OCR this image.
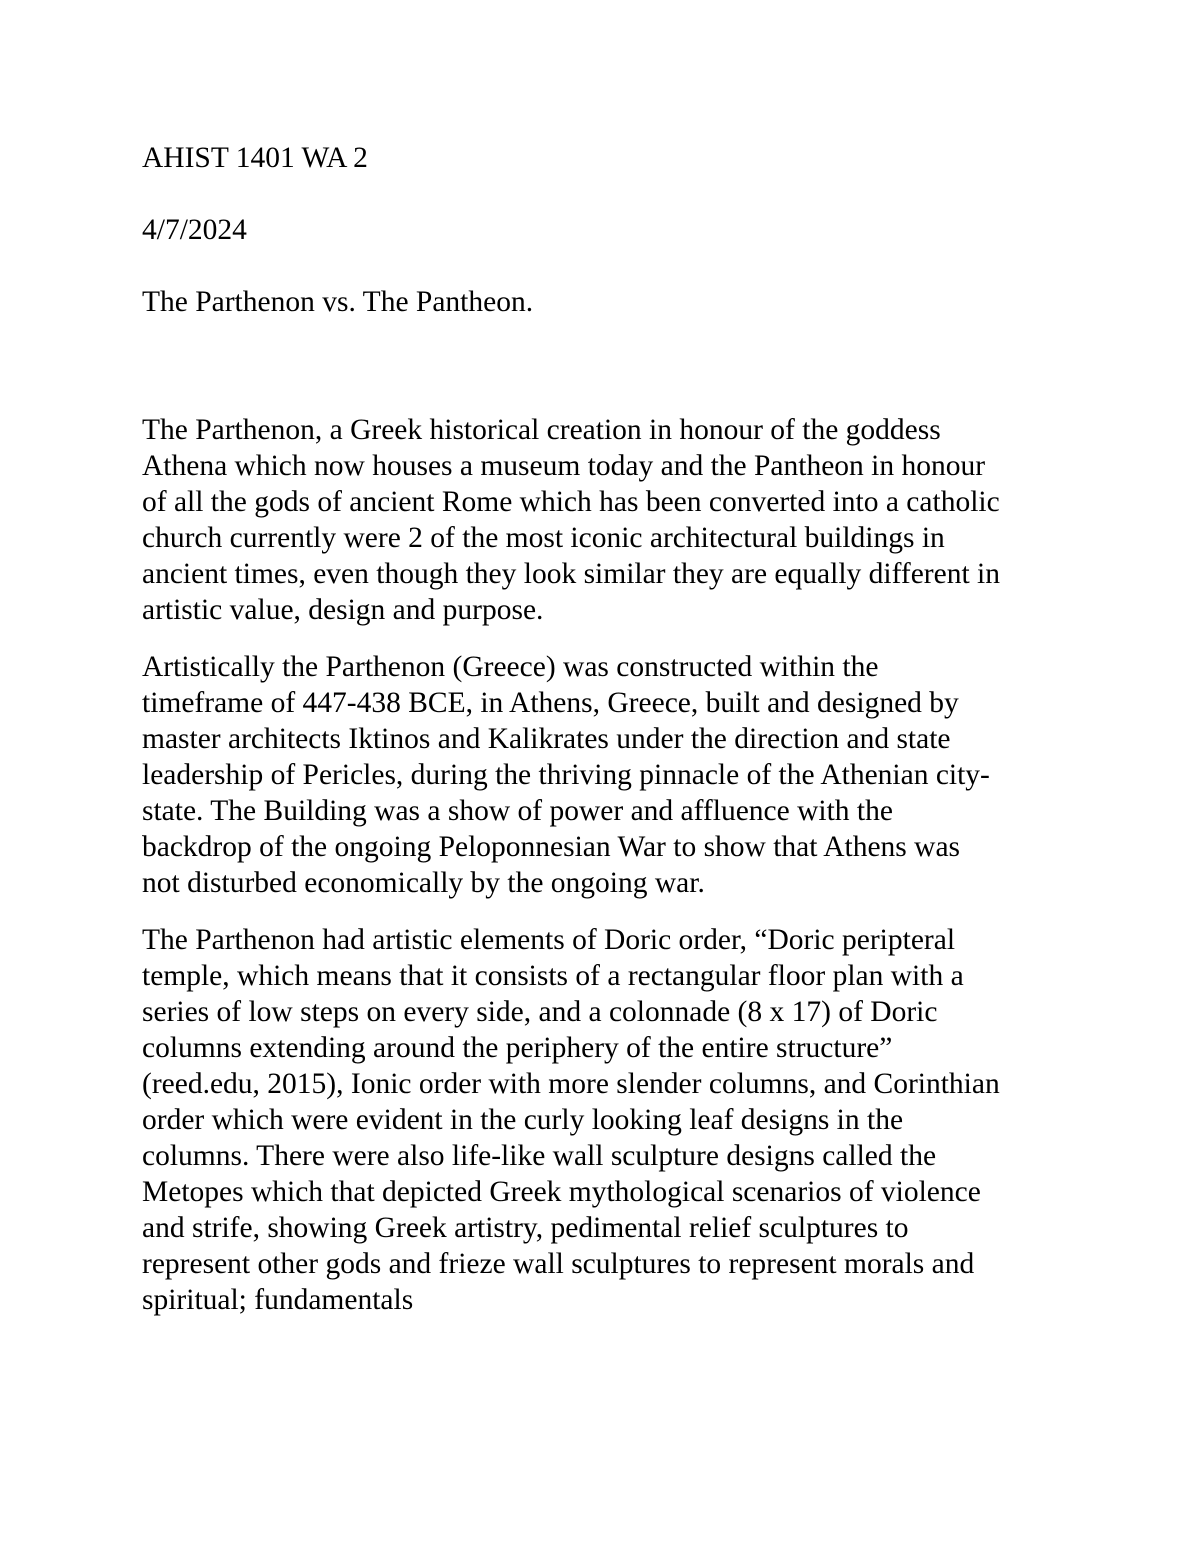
AHIST 1401 WA 2

4/7/2024

The Parthenon vs. The Pantheon.

The Parthenon, a Greek historical creation in honour of the goddess
Athena which now houses a museum today and the Pantheon in honour
of all the gods of ancient Rome which has been converted into a catholic
church currently were 2 of the most iconic architectural buildings in
ancient times, even though they look similar they are equally different in
artistic value, design and purpose.

Artistically the Parthenon (Greece) was constructed within the
timeframe of 447-438 BCE, in Athens, Greece, built and designed by
master architects Iktinos and Kalikrates under the direction and state
leadership of Pericles, during the thriving pinnacle of the Athenian city-
state. The Building was a show of power and affluence with the
backdrop of the ongoing Peloponnesian War to show that Athens was
not disturbed economically by the ongoing war.

The Parthenon had artistic elements of Doric order, “Doric peripteral
temple, which means that it consists of a rectangular floor plan with a
series of low steps on every side, and a colonnade (8 x 17) of Doric
columns extending around the periphery of the entire structure”
(reed.edu, 2015), Ionic order with more slender columns, and Corinthian
order which were evident in the curly looking leaf designs in the
columns. There were also life-like wall sculpture designs called the
Metopes which that depicted Greek mythological scenarios of violence
and strife, showing Greek artistry, pedimental relief sculptures to
represent other gods and frieze wall sculptures to represent morals and
spiritual; fundamentals
